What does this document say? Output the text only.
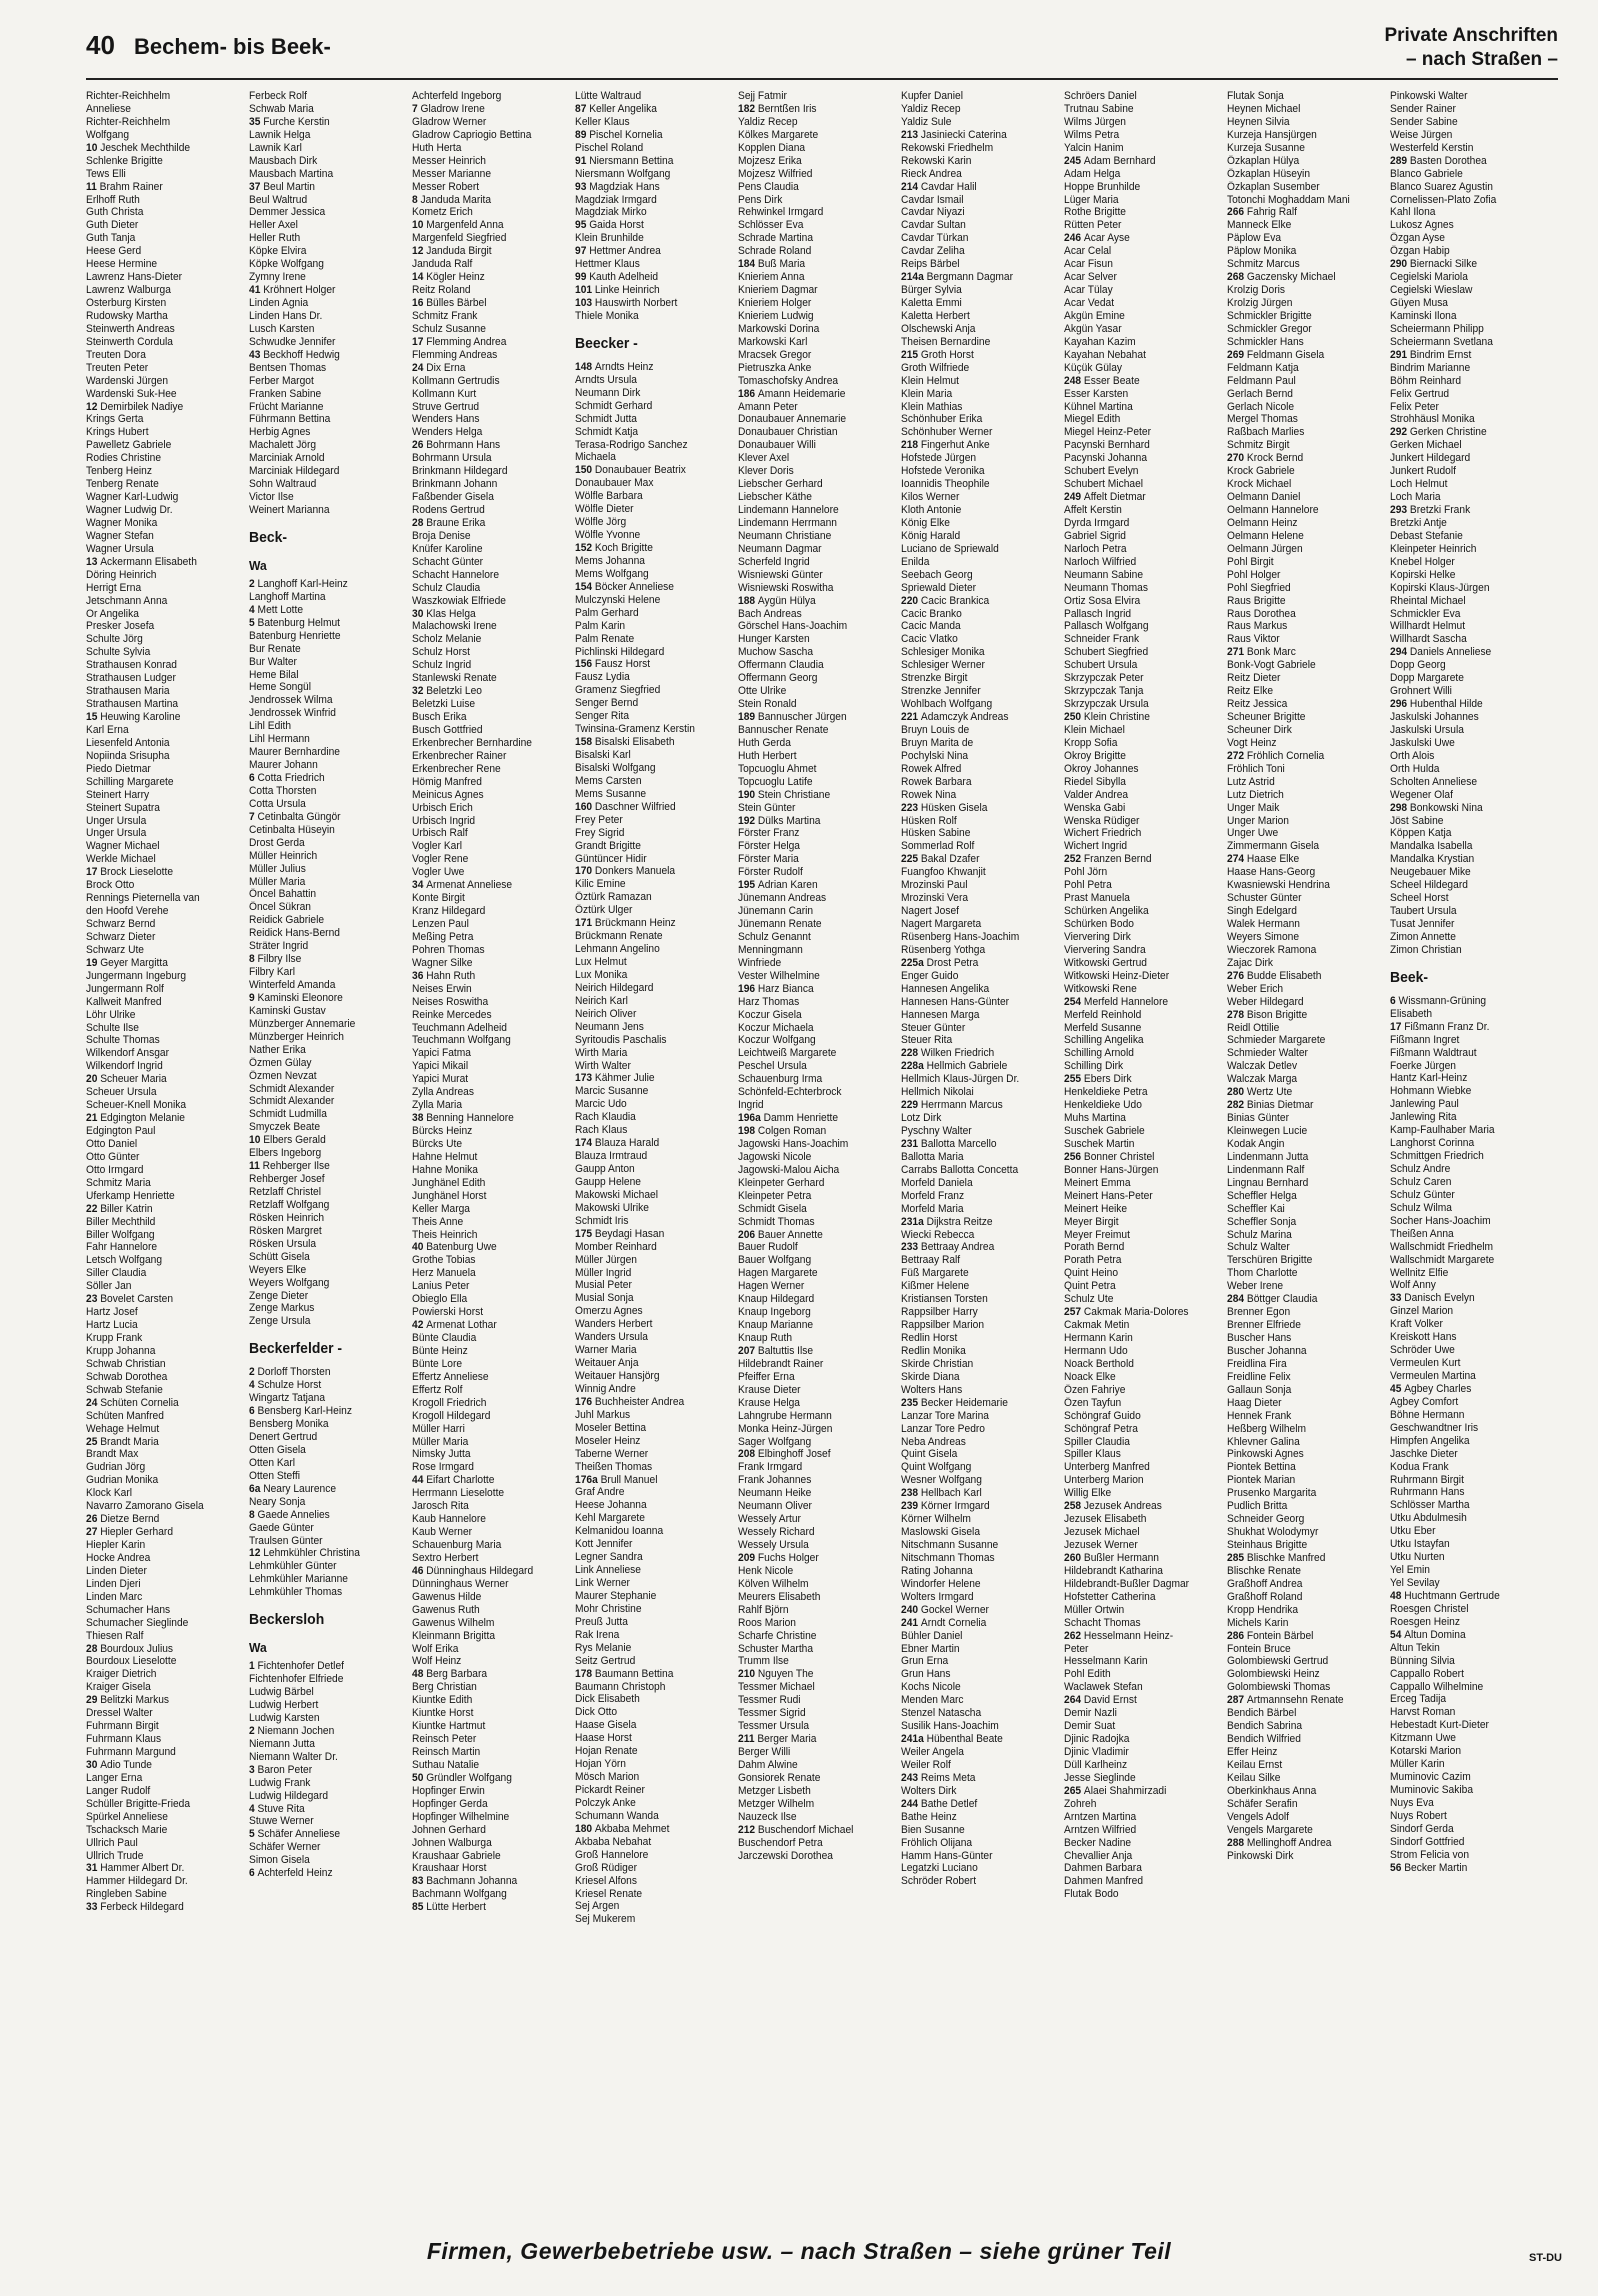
40 Bechem- bis Beek-	Private Anschriften
– nach Straßen –
Richter-Reichhelm
Anneliese
Richter-Reichhelm
Wolfgang
10 Jeschek Mechthilde
Schlenke Brigitte
Tews Elli
11 Brahm Rainer
Erlhoff Ruth
Guth Christa
Guth Dieter
Guth Tanja
Heese Gerd
Heese Hermine
Lawrenz Hans-Dieter
Lawrenz Walburga
Osterburg Kirsten
Rudowsky Martha
Steinwerth Andreas
Steinwerth Cordula
Treuten Dora
Treuten Peter
Wardenski Jürgen
Wardenski Suk-Hee
12 Demirbilek Nadiye
Krings Gerta
Krings Hubert
Pawelletz Gabriele
Rodies Christine
Tenberg Heinz
Tenberg Renate
Wagner Karl-Ludwig
Wagner Ludwig Dr.
Wagner Monika
Wagner Stefan
Wagner Ursula
13 Ackermann Elisabeth
Döring Heinrich
Herrigt Erna
Jetschmann Anna
Or Angelika
Presker Josefa
Schulte Jörg
Schulte Sylvia
Strathausen Konrad
Strathausen Ludger
Strathausen Maria
Strathausen Martina
15 Heuwing Karoline
Karl Erna
Liesenfeld Antonia
Nopiinda Srisupha
Piedo Dietmar
Schilling Margarete
Steinert Harry
Steinert Supatra
Unger Ursula
Unger Ursula
Wagner Michael
Werkle Michael
17 Brock Lieselotte
Brock Otto
Rennings Pieternella van
den Hoofd Verehe
Schwarz Bernd
Schwarz Dieter
Schwarz Ute
19 Geyer Margitta
Jungermann Ingeburg
Jungermann Rolf
Kallweit Manfred
Löhr Ulrike
Schulte Ilse
Schulte Thomas
Wilkendorf Ansgar
Wilkendorf Ingrid
20 Scheuer Maria
Scheuer Ursula
Scheuer-Knell Monika
21 Edgington Melanie
Edgington Paul
Otto Daniel
Otto Günter
Otto Irmgard
Schmitz Maria
Uferkamp Henriette
22 Biller Katrin
Biller Mechthild
Biller Wolfgang
Fahr Hannelore
Letsch Wolfgang
Siller Claudia
Söller Jan
23 Bovelet Carsten
Hartz Josef
Hartz Lucia
Krupp Frank
Krupp Johanna
Schwab Christian
Schwab Dorothea
Schwab Stefanie
24 Schüten Cornelia
Schüten Manfred
Wehage Helmut
25 Brandt Maria
Brandt Max
Gudrian Jörg
Gudrian Monika
Klock Karl
Navarro Zamorano Gisela
26 Dietze Bernd
27 Hiepler Gerhard
Hiepler Karin
Hocke Andrea
Linden Dieter
Linden Djeri
Linden Marc
Schumacher Hans
Schumacher Sieglinde
Thiesen Ralf
28 Bourdoux Julius
Bourdoux Lieselotte
Kraiger Dietrich
Kraiger Gisela
29 Belitzki Markus
Dressel Walter
Fuhrmann Birgit
Fuhrmann Klaus
Fuhrmann Margund
30 Adio Tunde
Langer Erna
Langer Rudolf
Schüller Brigitte-Frieda
Spürkel Anneliese
Tschacksch Marie
Ullrich Paul
Ullrich Trude
31 Hammer Albert Dr.
Hammer Hildegard Dr.
Ringleben Sabine
33 Ferbeck Hildegard
Ferbeck Rolf
Schwab Maria
35 Furche Kerstin
Lawnik Helga
Lawnik Karl
Mausbach Dirk
Mausbach Martina
37 Beul Martin
Beul Waltrud
Demmer Jessica
Heller Axel
Heller Ruth
Köpke Elvira
Köpke Wolfgang
Zymny Irene
41 Kröhnert Holger
Linden Agnia
Linden Hans Dr.
Lusch Karsten
Schwudke Jennifer
43 Beckhoff Hedwig
Bentsen Thomas
Ferber Margot
Franken Sabine
Frücht Marianne
Führmann Bettina
Herbig Agnes
Machalett Jörg
Marciniak Arnold
Marciniak Hildegard
Sohn Waltraud
Victor Ilse
Weinert Marianna
Beck-
Wa
2 Langhoff Karl-Heinz
Langhoff Martina
4 Mett Lotte
5 Batenburg Helmut
Batenburg Henriette
Bur Renate
Bur Walter
Heme Bilal
Heme Songül
Jendrossek Wilma
Jendrossek Winfrid
Lihl Edith
Lihl Hermann
Maurer Bernhardine
Maurer Johann
6 Cotta Friedrich
Cotta Thorsten
Cotta Ursula
7 Cetinbalta Güngör
Cetinbalta Hüseyin
Drost Gerda
Müller Heinrich
Müller Julius
Müller Maria
Öncel Bahattin
Öncel Sükran
Reidick Gabriele
Reidick Hans-Bernd
Sträter Ingrid
8 Filbry Ilse
Filbry Karl
Winterfeld Amanda
9 Kaminski Eleonore
Kaminski Gustav
Münzberger Annemarie
Münzberger Heinrich
Nather Erika
Özmen Gülay
Özmen Nevzat
Schmidt Alexander
Schmidt Alexander
Schmidt Ludmilla
Smyczek Beate
10 Elbers Gerald
Elbers Ingeborg
11 Rehberger Ilse
Rehberger Josef
Retzlaff Christel
Retzlaff Wolfgang
Rösken Heinrich
Rösken Margret
Rösken Ursula
Schütt Gisela
Weyers Elke
Weyers Wolfgang
Zenge Dieter
Zenge Markus
Zenge Ursula
Beckerfelder -
2 Dorloff Thorsten
4 Schulze Horst
Wingartz Tatjana
6 Bensberg Karl-Heinz
Bensberg Monika
Denert Gertrud
Otten Gisela
Otten Karl
Otten Steffi
6a Neary Laurence
Neary Sonja
8 Gaede Annelies
Gaede Günter
Traulsen Günter
12 Lehmkühler Christina
Lehmkühler Günter
Lehmkühler Marianne
Lehmkühler Thomas
Beckersloh
Wa
1 Fichtenhofer Detlef
Fichtenhofer Elfriede
Ludwig Bärbel
Ludwig Herbert
Ludwig Karsten
2 Niemann Jochen
Niemann Jutta
Niemann Walter Dr.
3 Baron Peter
Ludwig Frank
Ludwig Hildegard
4 Stuve Rita
Stuwe Werner
5 Schäfer Anneliese
Schäfer Werner
Simon Gisela
6 Achterfeld Heinz
Achterfeld Ingeborg
7 Gladrow Irene
Gladrow Werner
Gladrow Capriogio Bettina
Huth Herta
Messer Heinrich
Messer Marianne
Messer Robert
8 Janduda Marita
Kometz Erich
10 Margenfeld Anna
Margenfeld Siegfried
12 Janduda Birgit
Janduda Ralf
14 Kögler Heinz
Reitz Roland
16 Bülles Bärbel
Schmitz Frank
Schulz Susanne
17 Flemming Andrea
Flemming Andreas
24 Dix Erna
Kollmann Gertrudis
Kollmann Kurt
Struve Gertrud
Wenders Hans
Wenders Helga
26 Bohrmann Hans
Bohrmann Ursula
Brinkmann Hildegard
Brinkmann Johann
Faßbender Gisela
Rodens Gertrud
28 Braune Erika
Broja Denise
Knüfer Karoline
Schacht Günter
Schacht Hannelore
Schulz Claudia
Waszkowiak Elfriede
30 Klas Helga
Malachowski Irene
Scholz Melanie
Schulz Horst
Schulz Ingrid
Stanlewski Renate
32 Beletzki Leo
Beletzki Luise
Busch Erika
Busch Gottfried
Erkenbrecher Bernhardine
Erkenbrecher Rainer
Erkenbrecher Rene
Hömig Manfred
Meinicus Agnes
Urbisch Erich
Urbisch Ingrid
Urbisch Ralf
Vogler Karl
Vogler Rene
Vogler Uwe
34 Armenat Anneliese
Konte Birgit
Kranz Hildegard
Lenzen Paul
Meßing Petra
Pohren Thomas
Wagner Silke
36 Hahn Ruth
Neises Erwin
Neises Roswitha
Reinke Mercedes
Teuchmann Adelheid
Teuchmann Wolfgang
Yapici Fatma
Yapici Mikail
Yapici Murat
Zylla Andreas
Zylla Maria
38 Benning Hannelore
Bürcks Heinz
Bürcks Ute
Hahne Helmut
Hahne Monika
Junghänel Edith
Junghänel Horst
Keller Marga
Theis Anne
Theis Heinrich
40 Batenburg Uwe
Grothe Tobias
Herz Manuela
Lanius Peter
Obieglo Ella
Powierski Horst
42 Armenat Lothar
Bünte Claudia
Bünte Heinz
Bünte Lore
Effertz Anneliese
Effertz Rolf
Krogoll Friedrich
Krogoll Hildegard
Müller Harri
Müller Maria
Nimsky Jutta
Rose Irmgard
44 Eifart Charlotte
Herrmann Lieselotte
Jarosch Rita
Kaub Hannelore
Kaub Werner
Schauenburg Maria
Sextro Herbert
46 Dünninghaus Hildegard
Dünninghaus Werner
Gawenus Hilde
Gawenus Ruth
Gawenus Wilhelm
Kleinmann Brigitta
Wolf Erika
Wolf Heinz
48 Berg Barbara
Berg Christian
Kiuntke Edith
Kiuntke Horst
Kiuntke Hartmut
Reinsch Peter
Reinsch Martin
Suthau Natalie
50 Gründler Wolfgang
Hopfinger Erwin
Hopfinger Gerda
Hopfinger Wilhelmine
Johnen Gerhard
Johnen Walburga
Kraushaar Gabriele
Kraushaar Horst
83 Bachmann Johanna
Bachmann Wolfgang
85 Lütte Herbert
Lütte Waltraud
87 Keller Angelika
Keller Klaus
89 Pischel Kornelia
Pischel Roland
91 Niersmann Bettina
Niersmann Wolfgang
93 Magdziak Hans
Magdziak Irmgard
Magdziak Mirko
95 Gaida Horst
Klein Brunhilde
97 Hettmer Andrea
Hettmer Klaus
99 Kauth Adelheid
101 Linke Heinrich
103 Hauswirth Norbert
Thiele Monika
Beecker -
148 Arndts Heinz
Arndts Ursula
Neumann Dirk
Schmidt Gerhard
Schmidt Jutta
Schmidt Katja
Terasa-Rodrigo Sanchez
Michaela
150 Donaubauer Beatrix
Donaubauer Max
Wölfle Barbara
Wölfle Dieter
Wölfle Jörg
Wölfle Yvonne
152 Koch Brigitte
Mems Johanna
Mems Wolfgang
154 Böcker Anneliese
Mulczynski Helene
Palm Gerhard
Palm Karin
Palm Renate
Pichlinski Hildegard
156 Fausz Horst
Fausz Lydia
Gramenz Siegfried
Senger Bernd
Senger Rita
Twinsina-Gramenz Kerstin
158 Bisalski Elisabeth
Bisalski Karl
Bisalski Wolfgang
Mems Carsten
Mems Susanne
160 Daschner Wilfried
Frey Peter
Frey Sigrid
Grandt Brigitte
Güntüncer Hidir
170 Donkers Manuela
Kilic Emine
Öztürk Ramazan
Öztürk Ulger
171 Brückmann Heinz
Brückmann Renate
Lehmann Angelino
Lux Helmut
Lux Monika
Neirich Hildegard
Neirich Karl
Neirich Oliver
Neumann Jens
Syritoudis Paschalis
Wirth Maria
Wirth Walter
173 Kähmer Julie
Marcic Susanne
Marcic Udo
Rach Klaudia
Rach Klaus
174 Blauza Harald
Blauza Irmtraud
Gaupp Anton
Gaupp Helene
Makowski Michael
Makowski Ulrike
Schmidt Iris
175 Beydagi Hasan
Momber Reinhard
Müller Jürgen
Müller Ingrid
Musial Peter
Musial Sonja
Omerzu Agnes
Wanders Herbert
Wanders Ursula
Warner Maria
Weitauer Anja
Weitauer Hansjörg
Winnig Andre
176 Buchheister Andrea
Juhl Markus
Moseler Bettina
Moseler Heinz
Taberne Werner
Theißen Thomas
176a Brull Manuel
Graf Andre
Heese Johanna
Kehl Margarete
Kelmanidou Ioanna
Kott Jennifer
Legner Sandra
Link Anneliese
Link Werner
Maurer Stephanie
Mohr Christine
Preuß Jutta
Rak Irena
Rys Melanie
Seitz Gertrud
178 Baumann Bettina
Baumann Christoph
Dick Elisabeth
Dick Otto
Haase Gisela
Haase Horst
Hojan Renate
Hojan Yörn
Mösch Marion
Pickardt Reiner
Polczyk Anke
Schumann Wanda
180 Akbaba Mehmet
Akbaba Nebahat
Groß Hannelore
Groß Rüdiger
Kriesel Alfons
Kriesel Renate
Sej Argen
Sej Mukerem
Sejj Fatmir
182 Berntßen Iris
Yaldiz Recep
Kölkes Margarete
Kopplen Diana
Mojzesz Erika
Mojzesz Wilfried
Pens Claudia
Pens Dirk
Rehwinkel Irmgard
Schlösser Eva
Schrade Martina
Schrade Roland
184 Buß Maria
Knieriem Anna
Knieriem Dagmar
Knieriem Holger
Knieriem Ludwig
Markowski Dorina
Markowski Karl
Mracsek Gregor
Pietruszka Anke
Tomaschofsky Andrea
186 Amann Heidemarie
Amann Peter
Donaubauer Annemarie
Donaubauer Christian
Donaubauer Willi
Klever Axel
Klever Doris
Liebscher Gerhard
Liebscher Käthe
Lindemann Hannelore
Lindemann Herrmann
Neumann Christiane
Neumann Dagmar
Scherfeld Ingrid
Wisniewski Günter
Wisniewski Roswitha
188 Aygün Hülya
Bach Andreas
Görschel Hans-Joachim
Hunger Karsten
Muchow Sascha
Offermann Claudia
Offermann Georg
Otte Ulrike
Stein Ronald
189 Bannuscher Jürgen
Bannuscher Renate
Huth Gerda
Huth Herbert
Topcuoglu Ahmet
Topcuoglu Latife
190 Stein Christiane
Stein Günter
192 Dülks Martina
Förster Franz
Förster Helga
Förster Maria
Förster Rudolf
195 Adrian Karen
Jünemann Andreas
Jünemann Carin
Jünemann Renate
Schulz Genannt
Menningmann
Winfriede
Vester Wilhelmine
196 Harz Bianca
Harz Thomas
Koczur Gisela
Koczur Michaela
Koczur Wolfgang
Leichtweiß Margarete
Peschel Ursula
Schauenburg Irma
Schönfeld-Echterbrock
Ingrid
196a Damm Henriette
198 Colgen Roman
Jagowski Hans-Joachim
Jagowski Nicole
Jagowski-Malou Aicha
Kleinpeter Gerhard
Kleinpeter Petra
Schmidt Gisela
Schmidt Thomas
206 Bauer Annette
Bauer Rudolf
Bauer Wolfgang
Hagen Margarete
Hagen Werner
Knaup Hildegard
Knaup Ingeborg
Knaup Marianne
Knaup Ruth
207 Baltuttis Ilse
Hildebrandt Rainer
Pfeiffer Erna
Krause Dieter
Krause Helga
Lahngrube Hermann
Monka Heinz-Jürgen
Sager Wolfgang
208 Elbinghoff Josef
Frank Irmgard
Frank Johannes
Neumann Heike
Neumann Oliver
Wessely Artur
Wessely Richard
Wessely Ursula
209 Fuchs Holger
Henk Nicole
Kölven Wilhelm
Meurers Elisabeth
Rahlf Björn
Roos Marion
Scharfe Christine
Schuster Martha
Trumm Ilse
210 Nguyen The
Tessmer Michael
Tessmer Rudi
Tessmer Sigrid
Tessmer Ursula
211 Berger Maria
Berger Willi
Dahm Alwine
Gonsiorek Renate
Metzger Lisbeth
Metzger Wilhelm
Nauzeck Ilse
212 Buschendorf Michael
Buschendorf Petra
Jarczewski Dorothea
Kupfer Daniel
Yaldiz Recep
Yaldiz Sule
213 Jasiniecki Caterina
Rekowski Friedhelm
Rekowski Karin
Rieck Andrea
214 Cavdar Halil
Cavdar Ismail
Cavdar Niyazi
Cavdar Sultan
Cavdar Türkan
Cavdar Zeliha
Reips Bärbel
214a Bergmann Dagmar
Bürger Sylvia
Kaletta Emmi
Kaletta Herbert
Olschewski Anja
Theisen Bernardine
215 Groth Horst
Groth Wilfriede
Klein Helmut
Klein Maria
Klein Mathias
Schönhuber Erika
Schönhuber Werner
218 Fingerhut Anke
Hofstede Jürgen
Hofstede Veronika
Ioannidis Theophile
Kilos Werner
Kloth Antonie
König Elke
König Harald
Luciano de Spriewald
Enilda
Seebach Georg
Spriewald Dieter
220 Cacic Brankica
Cacic Branko
Cacic Manda
Cacic Vlatko
Schlesiger Monika
Schlesiger Werner
Strenzke Birgit
Strenzke Jennifer
Wohlbach Wolfgang
221 Adamczyk Andreas
Bruyn Louis de
Bruyn Marita de
Pochylski Nina
Rowek Alfred
Rowek Barbara
Rowek Nina
223 Hüsken Gisela
Hüsken Rolf
Hüsken Sabine
Sommerlad Rolf
225 Bakal Dzafer
Fuangfoo Khwanjit
Mrozinski Paul
Mrozinski Vera
Nagert Josef
Nagert Margareta
Rüsenberg Hans-Joachim
Rüsenberg Yothga
225a Drost Petra
Enger Guido
Hannesen Angelika
Hannesen Hans-Günter
Hannesen Marga
Steuer Günter
Steuer Rita
228 Wilken Friedrich
228a Hellmich Gabriele
Hellmich Klaus-Jürgen Dr.
Hellmich Nikolai
229 Herrmann Marcus
Lotz Dirk
Pyschny Walter
231 Ballotta Marcello
Ballotta Maria
Carrabs Ballotta Concetta
Morfeld Daniela
Morfeld Franz
Morfeld Maria
231a Dijkstra Reitze
Wiecki Rebecca
233 Bettraay Andrea
Bettraay Ralf
Füß Margarete
Kißmer Helene
Kristiansen Torsten
Rappsilber Harry
Rappsilber Marion
Redlin Horst
Redlin Monika
Skirde Christian
Skirde Diana
Wolters Hans
235 Becker Heidemarie
Lanzar Tore Marina
Lanzar Tore Pedro
Neba Andreas
Quint Gisela
Quint Wolfgang
Wesner Wolfgang
238 Hellbach Karl
239 Körner Irmgard
Körner Wilhelm
Maslowski Gisela
Nitschmann Susanne
Nitschmann Thomas
Rating Johanna
Windorfer Helene
Wolters Irmgard
240 Gockel Werner
241 Arndt Cornelia
Bühler Daniel
Ebner Martin
Grun Erna
Grun Hans
Kochs Nicole
Menden Marc
Stenzel Natascha
Susilik Hans-Joachim
241a Hübenthal Beate
Weiler Angela
Weiler Rolf
243 Reims Meta
Wolters Dirk
244 Bathe Detlef
Bathe Heinz
Bien Susanne
Fröhlich Olijana
Hamm Hans-Günter
Legatzki Luciano
Schröder Robert
Schröers Daniel
Trutnau Sabine
Wilms Jürgen
Wilms Petra
Yalcin Hanim
245 Adam Bernhard
Adam Helga
Hoppe Brunhilde
Lüger Maria
Rothe Brigitte
Rütten Peter
246 Acar Ayse
Acar Celal
Acar Fisun
Acar Selver
Acar Tülay
Acar Vedat
Akgün Emine
Akgün Yasar
Kayahan Kazim
Kayahan Nebahat
Küçük Gülay
248 Esser Beate
Esser Karsten
Kühnel Martina
Miegel Edith
Miegel Heinz-Peter
Pacynski Bernhard
Pacynski Johanna
Schubert Evelyn
Schubert Michael
249 Affelt Dietmar
Affelt Kerstin
Dyrda Irmgard
Gabriel Sigrid
Narloch Petra
Narloch Wilfried
Neumann Sabine
Neumann Thomas
Ortiz Sosa Elvira
Pallasch Ingrid
Pallasch Wolfgang
Schneider Frank
Schubert Siegfried
Schubert Ursula
Skrzypczak Peter
Skrzypczak Tanja
Skrzypczak Ursula
250 Klein Christine
Klein Michael
Kropp Sofia
Okroy Brigitte
Okroy Johannes
Riedel Sibylla
Valder Andrea
Wenska Gabi
Wenska Rüdiger
Wichert Friedrich
Wichert Ingrid
252 Franzen Bernd
Pohl Jörn
Pohl Petra
Prast Manuela
Schürken Angelika
Schürken Bodo
Viervering Dirk
Viervering Sandra
Witkowski Gertrud
Witkowski Heinz-Dieter
Witkowski Rene
254 Merfeld Hannelore
Merfeld Reinhold
Merfeld Susanne
Schilling Angelika
Schilling Arnold
Schilling Dirk
255 Ebers Dirk
Henkeldieke Petra
Henkeldieke Udo
Muhs Martina
Suschek Gabriele
Suschek Martin
256 Bonner Christel
Bonner Hans-Jürgen
Meinert Emma
Meinert Hans-Peter
Meinert Heike
Meyer Birgit
Meyer Freimut
Porath Bernd
Porath Petra
Quint Heino
Quint Petra
Schulz Ute
257 Cakmak Maria-Dolores
Cakmak Metin
Hermann Karin
Hermann Udo
Noack Berthold
Noack Elke
Özen Fahriye
Özen Tayfun
Schöngraf Guido
Schöngraf Petra
Spiller Claudia
Spiller Klaus
Unterberg Manfred
Unterberg Marion
Willig Elke
258 Jezusek Andreas
Jezusek Elisabeth
Jezusek Michael
Jezusek Werner
260 Bußler Hermann
Hildebrandt Katharina
Hildebrandt-Bußler Dagmar
Hofstetter Catherina
Müller Ortwin
Schacht Thomas
262 Hesselmann Heinz-
Peter
Hesselmann Karin
Pohl Edith
Waclawek Stefan
264 David Ernst
Demir Nazli
Demir Suat
Djinic Radojka
Djinic Vladimir
Düll Karlheinz
Jesse Sieglinde
265 Alaei Shahmirzadi
Zohreh
Arntzen Martina
Arntzen Wilfried
Becker Nadine
Chevallier Anja
Dahmen Barbara
Dahmen Manfred
Flutak Bodo
Flutak Sonja
Heynen Michael
Heynen Silvia
Kurzeja Hansjürgen
Kurzeja Susanne
Özkaplan Hülya
Özkaplan Hüseyin
Özkaplan Susember
Totonchi Moghaddam Mani
266 Fahrig Ralf
Manneck Elke
Päplow Eva
Päplow Monika
Schmitz Marcus
268 Gaczensky Michael
Krolzig Doris
Krolzig Jürgen
Schmickler Brigitte
Schmickler Gregor
Schmickler Hans
269 Feldmann Gisela
Feldmann Katja
Feldmann Paul
Gerlach Bernd
Gerlach Nicole
Mergel Thomas
Raßbach Marlies
Schmitz Birgit
270 Krock Bernd
Krock Gabriele
Krock Michael
Oelmann Daniel
Oelmann Hannelore
Oelmann Heinz
Oelmann Helene
Oelmann Jürgen
Pohl Birgit
Pohl Holger
Pohl Siegfried
Raus Brigitte
Raus Dorothea
Raus Markus
Raus Viktor
271 Bonk Marc
Bonk-Vogt Gabriele
Reitz Dieter
Reitz Elke
Reitz Jessica
Scheuner Brigitte
Scheuner Dirk
Vogt Heinz
272 Fröhlich Cornelia
Fröhlich Toni
Lutz Astrid
Lutz Dietrich
Unger Maik
Unger Marion
Unger Uwe
Zimmermann Gisela
274 Haase Elke
Haase Hans-Georg
Kwasniewski Hendrina
Schuster Günter
Singh Edelgard
Walek Hermann
Weyers Simone
Wieczorek Ramona
Zajac Dirk
276 Budde Elisabeth
Weber Erich
Weber Hildegard
278 Bison Brigitte
Reidl Ottilie
Schmieder Margarete
Schmieder Walter
Walczak Detlev
Walczak Marga
280 Wertz Ute
282 Binias Dietmar
Binias Günter
Kleinwegen Lucie
Kodak Angin
Lindenmann Jutta
Lindenmann Ralf
Lingnau Bernhard
Scheffler Helga
Scheffler Kai
Scheffler Sonja
Schulz Marina
Schulz Walter
Terschüren Brigitte
Thom Charlotte
Weber Irene
284 Böttger Claudia
Brenner Egon
Brenner Elfriede
Buscher Hans
Buscher Johanna
Freidlina Fira
Freidline Felix
Gallaun Sonja
Haag Dieter
Hennek Frank
Heßberg Wilhelm
Khlevner Galina
Pinkowski Agnes
Piontek Bettina
Piontek Marian
Prusenko Margarita
Pudlich Britta
Schneider Georg
Shukhat Wolodymyr
Steinhaus Brigitte
285 Blischke Manfred
Blischke Renate
Graßhoff Andrea
Graßhoff Roland
Kropp Hendrika
Michels Karin
286 Fontein Bärbel
Fontein Bruce
Golombiewski Gertrud
Golombiewski Heinz
Golombiewski Thomas
287 Artmannsehn Renate
Bendich Bärbel
Bendich Sabrina
Bendich Wilfried
Effer Heinz
Keilau Ernst
Keilau Silke
Oberkinkhaus Anna
Schäfer Serafin
Vengels Adolf
Vengels Margarete
288 Mellinghoff Andrea
Pinkowski Dirk
Pinkowski Walter
Sender Rainer
Sender Sabine
Weise Jürgen
Westerfeld Kerstin
289 Basten Dorothea
Blanco Gabriele
Blanco Suarez Agustin
Cornelissen-Plato Zofia
Kahl Ilona
Lukosz Agnes
Özgan Ayse
Özgan Habip
290 Biernacki Silke
Cegielski Mariola
Cegielski Wieslaw
Güyen Musa
Kaminski Ilona
Scheiermann Philipp
Scheiermann Svetlana
291 Bindrim Ernst
Bindrim Marianne
Böhm Reinhard
Felix Gertrud
Felix Peter
Strohhäusl Monika
292 Gerken Christine
Gerken Michael
Junkert Hildegard
Junkert Rudolf
Loch Helmut
Loch Maria
293 Bretzki Frank
Bretzki Antje
Debast Stefanie
Kleinpeter Heinrich
Knebel Holger
Kopirski Helke
Kopirski Klaus-Jürgen
Rheintal Michael
Schmickler Eva
Willhardt Helmut
Willhardt Sascha
294 Daniels Anneliese
Dopp Georg
Dopp Margarete
Grohnert Willi
296 Hubenthal Hilde
Jaskulski Johannes
Jaskulski Ursula
Jaskulski Uwe
Orth Alois
Orth Hulda
Scholten Anneliese
Wegener Olaf
298 Bonkowski Nina
Jöst Sabine
Köppen Katja
Mandalka Isabella
Mandalka Krystian
Neugebauer Mike
Scheel Hildegard
Scheel Horst
Taubert Ursula
Tusat Jennifer
Zimon Annette
Zimon Christian
Beek-
6 Wissmann-Grüning
Elisabeth
17 Fißmann Franz Dr.
Fißmann Ingret
Fißmann Waldtraut
Foerke Jürgen
Hantz Karl-Heinz
Hohmann Wiebke
Janlewing Paul
Janlewing Rita
Kamp-Faulhaber Maria
Langhorst Corinna
Schmittgen Friedrich
Schulz Andre
Schulz Caren
Schulz Günter
Schulz Wilma
Socher Hans-Joachim
Theißen Anna
Wallschmidt Friedhelm
Wallschmidt Margarete
Wellnitz Elfie
Wolf Anny
33 Danisch Evelyn
Ginzel Marion
Kraft Volker
Kreiskott Hans
Schröder Uwe
Vermeulen Kurt
Vermeulen Martina
45 Agbey Charles
Agbey Comfort
Böhne Hermann
Geschwandtner Iris
Himpfen Angelika
Jaschke Dieter
Kodua Frank
Ruhrmann Birgit
Ruhrmann Hans
Schlösser Martha
Utku Abdulmesih
Utku Eber
Utku Istayfan
Utku Nurten
Yel Emin
Yel Sevilay
48 Huchtmann Gertrude
Roesgen Christel
Roesgen Heinz
54 Altun Domina
Altun Tekin
Bünning Silvia
Cappallo Robert
Cappallo Wilhelmine
Erceg Tadija
Harvst Roman
Hebestadt Kurt-Dieter
Kitzmann Uwe
Kotarski Marion
Müller Karin
Muminovic Cazim
Muminovic Sakiba
Nuys Eva
Nuys Robert
Sindorf Gerda
Sindorf Gottfried
Strom Felicia von
56 Becker Martin
Firmen, Gewerbebetriebe usw. – nach Straßen – siehe grüner Teil	ST-DU
